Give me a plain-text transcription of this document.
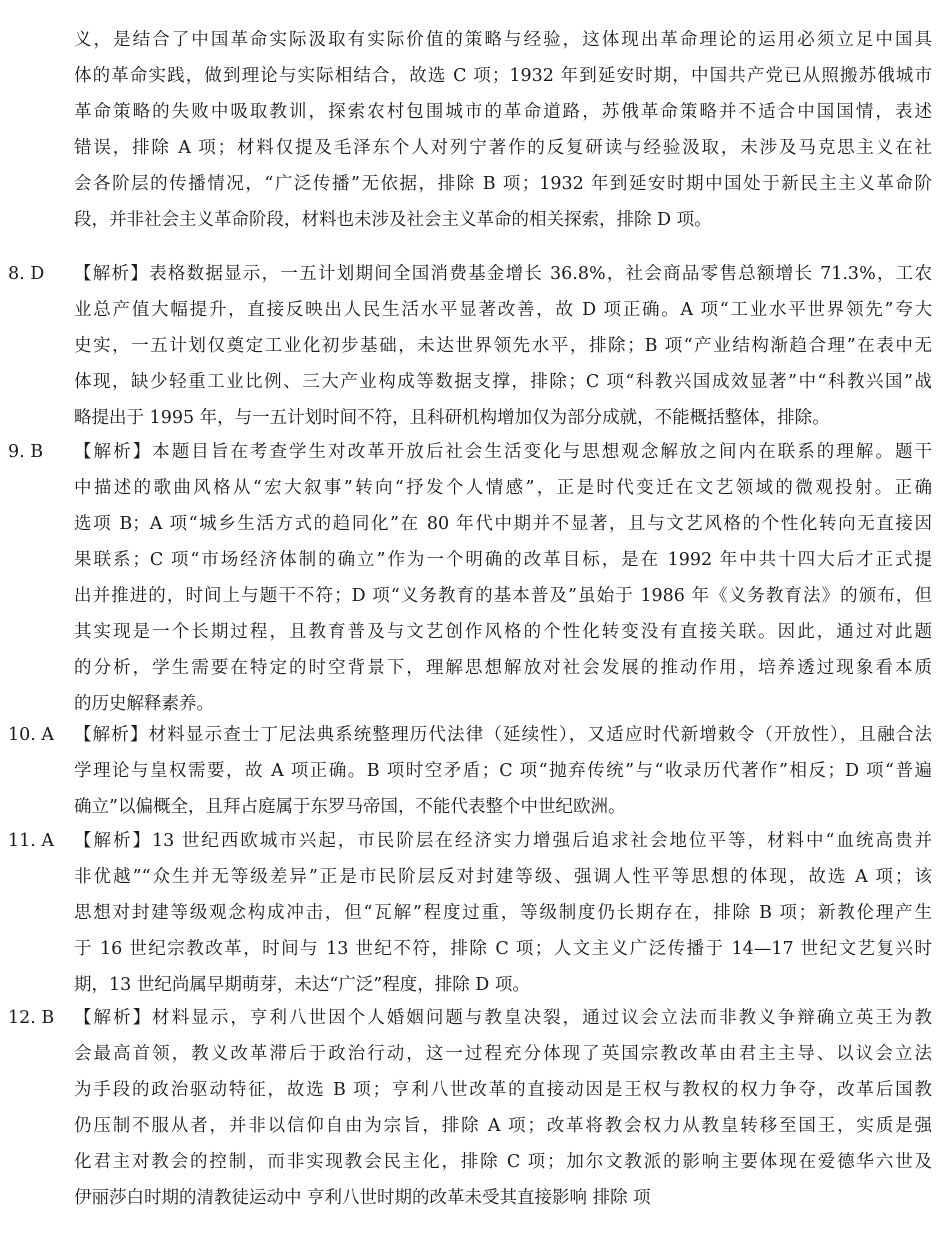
义，是结合了中国革命实际汲取有实际价值的策略与经验，这体现出革命理论的运用必须立足中国具
体的革命实践，做到理论与实际相结合，故选 C 项；1932 年到延安时期，中国共产党已从照搬苏俄城市
革命策略的失败中吸取教训，探索农村包围城市的革命道路，苏俄革命策略并不适合中国国情，表述
错误，排除 A 项；材料仅提及毛泽东个人对列宁著作的反复研读与经验汲取，未涉及马克思主义在社
会各阶层的传播情况，“广泛传播”无依据，排除 B 项；1932 年到延安时期中国处于新民主主义革命阶
段，并非社会主义革命阶段，材料也未涉及社会主义革命的相关探索，排除 D 项。
8. D	【解析】表格数据显示，一五计划期间全国消费基金增长 36.8%，社会商品零售总额增长 71.3%，工农
业总产值大幅提升，直接反映出人民生活水平显著改善，故 D 项正确。A 项“工业水平世界领先”夸大
史实，一五计划仅奠定工业化初步基础，未达世界领先水平，排除；B 项“产业结构渐趋合理”在表中无
体现，缺少轻重工业比例、三大产业构成等数据支撑，排除；C 项“科教兴国成效显著”中“科教兴国”战
略提出于 1995 年，与一五计划时间不符，且科研机构增加仅为部分成就，不能概括整体，排除。
9. B	【解析】本题目旨在考查学生对改革开放后社会生活变化与思想观念解放之间内在联系的理解。题干
中描述的歌曲风格从“宏大叙事”转向“抒发个人情感”，正是时代变迁在文艺领域的微观投射。正确
选项 B；A 项“城乡生活方式的趋同化”在 80 年代中期并不显著，且与文艺风格的个性化转向无直接因
果联系；C 项“市场经济体制的确立”作为一个明确的改革目标，是在 1992 年中共十四大后才正式提
出并推进的，时间上与题干不符；D 项“义务教育的基本普及”虽始于 1986 年《义务教育法》的颁布，但
其实现是一个长期过程，且教育普及与文艺创作风格的个性化转变没有直接关联。因此，通过对此题
的分析，学生需要在特定的时空背景下，理解思想解放对社会发展的推动作用，培养透过现象看本质
的历史解释素养。
10. A	【解析】材料显示查士丁尼法典系统整理历代法律（延续性），又适应时代新增敕令（开放性），且融合法
学理论与皇权需要，故 A 项正确。B 项时空矛盾；C 项“抛弃传统”与“收录历代著作”相反；D 项“普遍
确立”以偏概全，且拜占庭属于东罗马帝国，不能代表整个中世纪欧洲。
11. A	【解析】13 世纪西欧城市兴起，市民阶层在经济实力增强后追求社会地位平等，材料中“血统高贵并
非优越”“众生并无等级差异”正是市民阶层反对封建等级、强调人性平等思想的体现，故选 A 项；该
思想对封建等级观念构成冲击，但“瓦解”程度过重，等级制度仍长期存在，排除 B 项；新教伦理产生
于 16 世纪宗教改革，时间与 13 世纪不符，排除 C 项；人文主义广泛传播于 14—17 世纪文艺复兴时
期，13 世纪尚属早期萌芽，未达“广泛”程度，排除 D 项。
12. B	【解析】材料显示，亨利八世因个人婚姻问题与教皇决裂，通过议会立法而非教义争辩确立英王为教
会最高首领，教义改革滞后于政治行动，这一过程充分体现了英国宗教改革由君主主导、以议会立法
为手段的政治驱动特征，故选 B 项；亨利八世改革的直接动因是王权与教权的权力争夺，改革后国教
仍压制不服从者，并非以信仰自由为宗旨，排除 A 项；改革将教会权力从教皇转移至国王，实质是强
化君主对教会的控制，而非实现教会民主化，排除 C 项；加尔文教派的影响主要体现在爱德华六世及
伊丽莎白时期的清教徒运动中 亨利八世时期的改革未受其直接影响 排除 项
